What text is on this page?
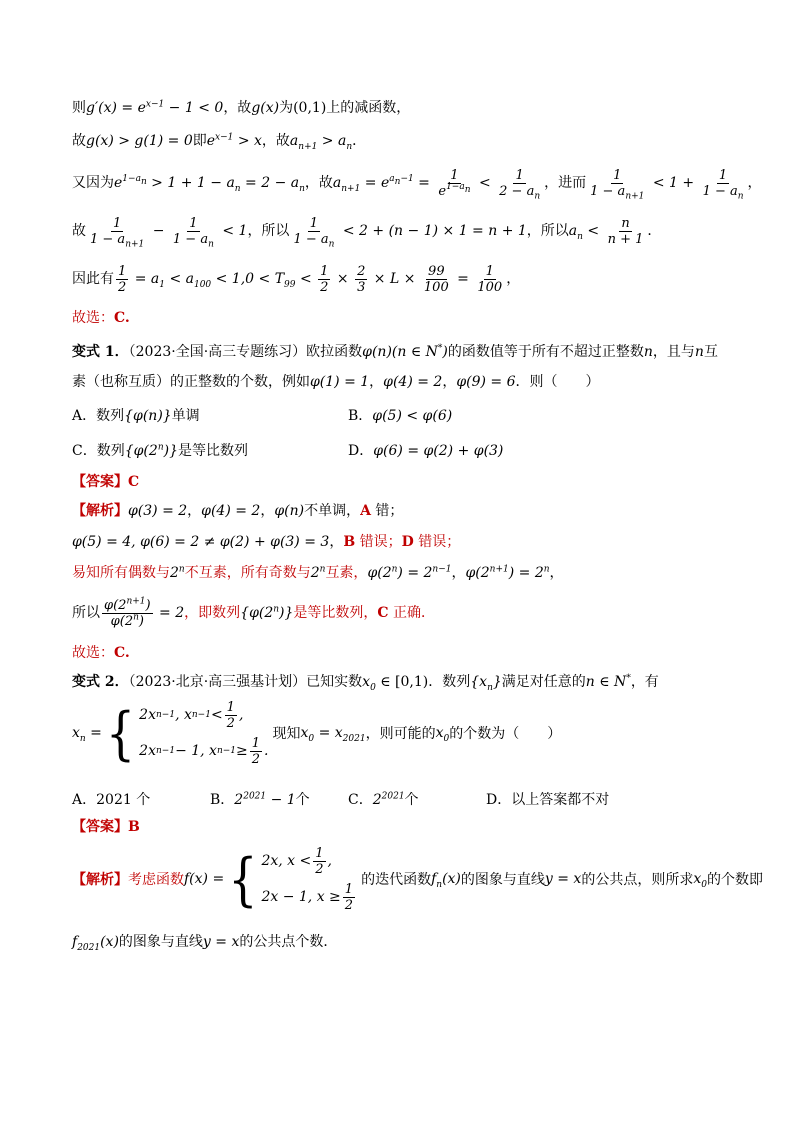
则$g'(x) = e^{x-1} - 1 < 0$，故g(x)为(0,1)上的减函数，
故g(x) > g(1) = 0即$e^{x-1} > x$，故$a_{n+1} > a_n$．
又因为$e^{1-a_n} > 1 + 1 - a_n = 2 - a_n$，故$a_{n+1} = e^{a_n-1} = \frac{1}{e^{1-a_n}} < \frac{1}{2 - a_n}$ ，进而 $\frac{1}{1 - a_{n+1}} < 1 + \frac{1}{1 - a_n}$ ，
故 $\frac{1}{1 - a_{n+1}} - \frac{1}{1 - a_n} < 1$，所以 $\frac{1}{1 - a_n} < 2 + (n - 1) \times 1 = n + 1$，所以$a_n < \frac{n}{n + 1}$ ．
因此有 $\frac{1}{2} = a_1 < a_{100} < 1,0 < T_{99} < \frac{1}{2} \times \frac{2}{3} \times L \times \frac{99}{100} = \frac{1}{100}$ ，
故选：C.
变式 1．（2023·全国·高三专题练习）欧拉函数φ(n)(n ∈ N*)的函数值等于所有不超过正整数n，且与n互
素（也称互质）的正整数的个数，例如φ(1) = 1，φ(4) = 2，φ(9) = 6．则（　　）
A．数列{φ(n)}单调	B．φ(5) < φ(6)
C．数列{φ(2$^n$)}是等比数列	D．φ(6) = φ(2) + φ(3)
【答案】C
【解析】φ(3) = 2，φ(4) = 2，φ(n)不单调，A 错；
φ(5) = 4, φ(6) = 2 ≠ φ(2) + φ(3) = 3，B 错误；D 错误；
易知所有偶数与2$^n$不互素，所有奇数与2$^n$互素，$\varphi(2^n) = 2^{n-1}$，$\varphi(2^{n+1}) = 2^n$，
所以 $\frac{\varphi(2^{n+1})}{\varphi(2^n)} = 2$，即数列{φ(2$^n$)}是等比数列，C 正确．
故选：C.
变式 2．（2023·北京·高三强基计划）已知实数$x_0$ ∈ [0,1)．数列$\{x_n\}$满足对任意的n ∈ N*，有
$x_n$ = { 2x n−1 , x $n-1 < \frac{1}{2}$ ,
2x n−1 − 1, x $n-1 \ge \frac{1}{2}$ .
现知 $x_0 = x_{2021}$ ，则可能的 $x_0$ 的个数为（　　）
A．2021 个	B．$2^{2021} - 1$个	C．$2^{2021}$个	D．以上答案都不对
【答案】B
【解析】 考虑函数 f(x) = { 2x, $x < \frac{1}{2}$ ,
2x − 1, $x \ge \frac{1}{2}$
的迭代函数 $f_n(x)$ 的图象与直线 y = x 的公共点，则所求 $x_0$ 的个数即
$f_{2021}(x)$的图象与直线y = x的公共点个数．
